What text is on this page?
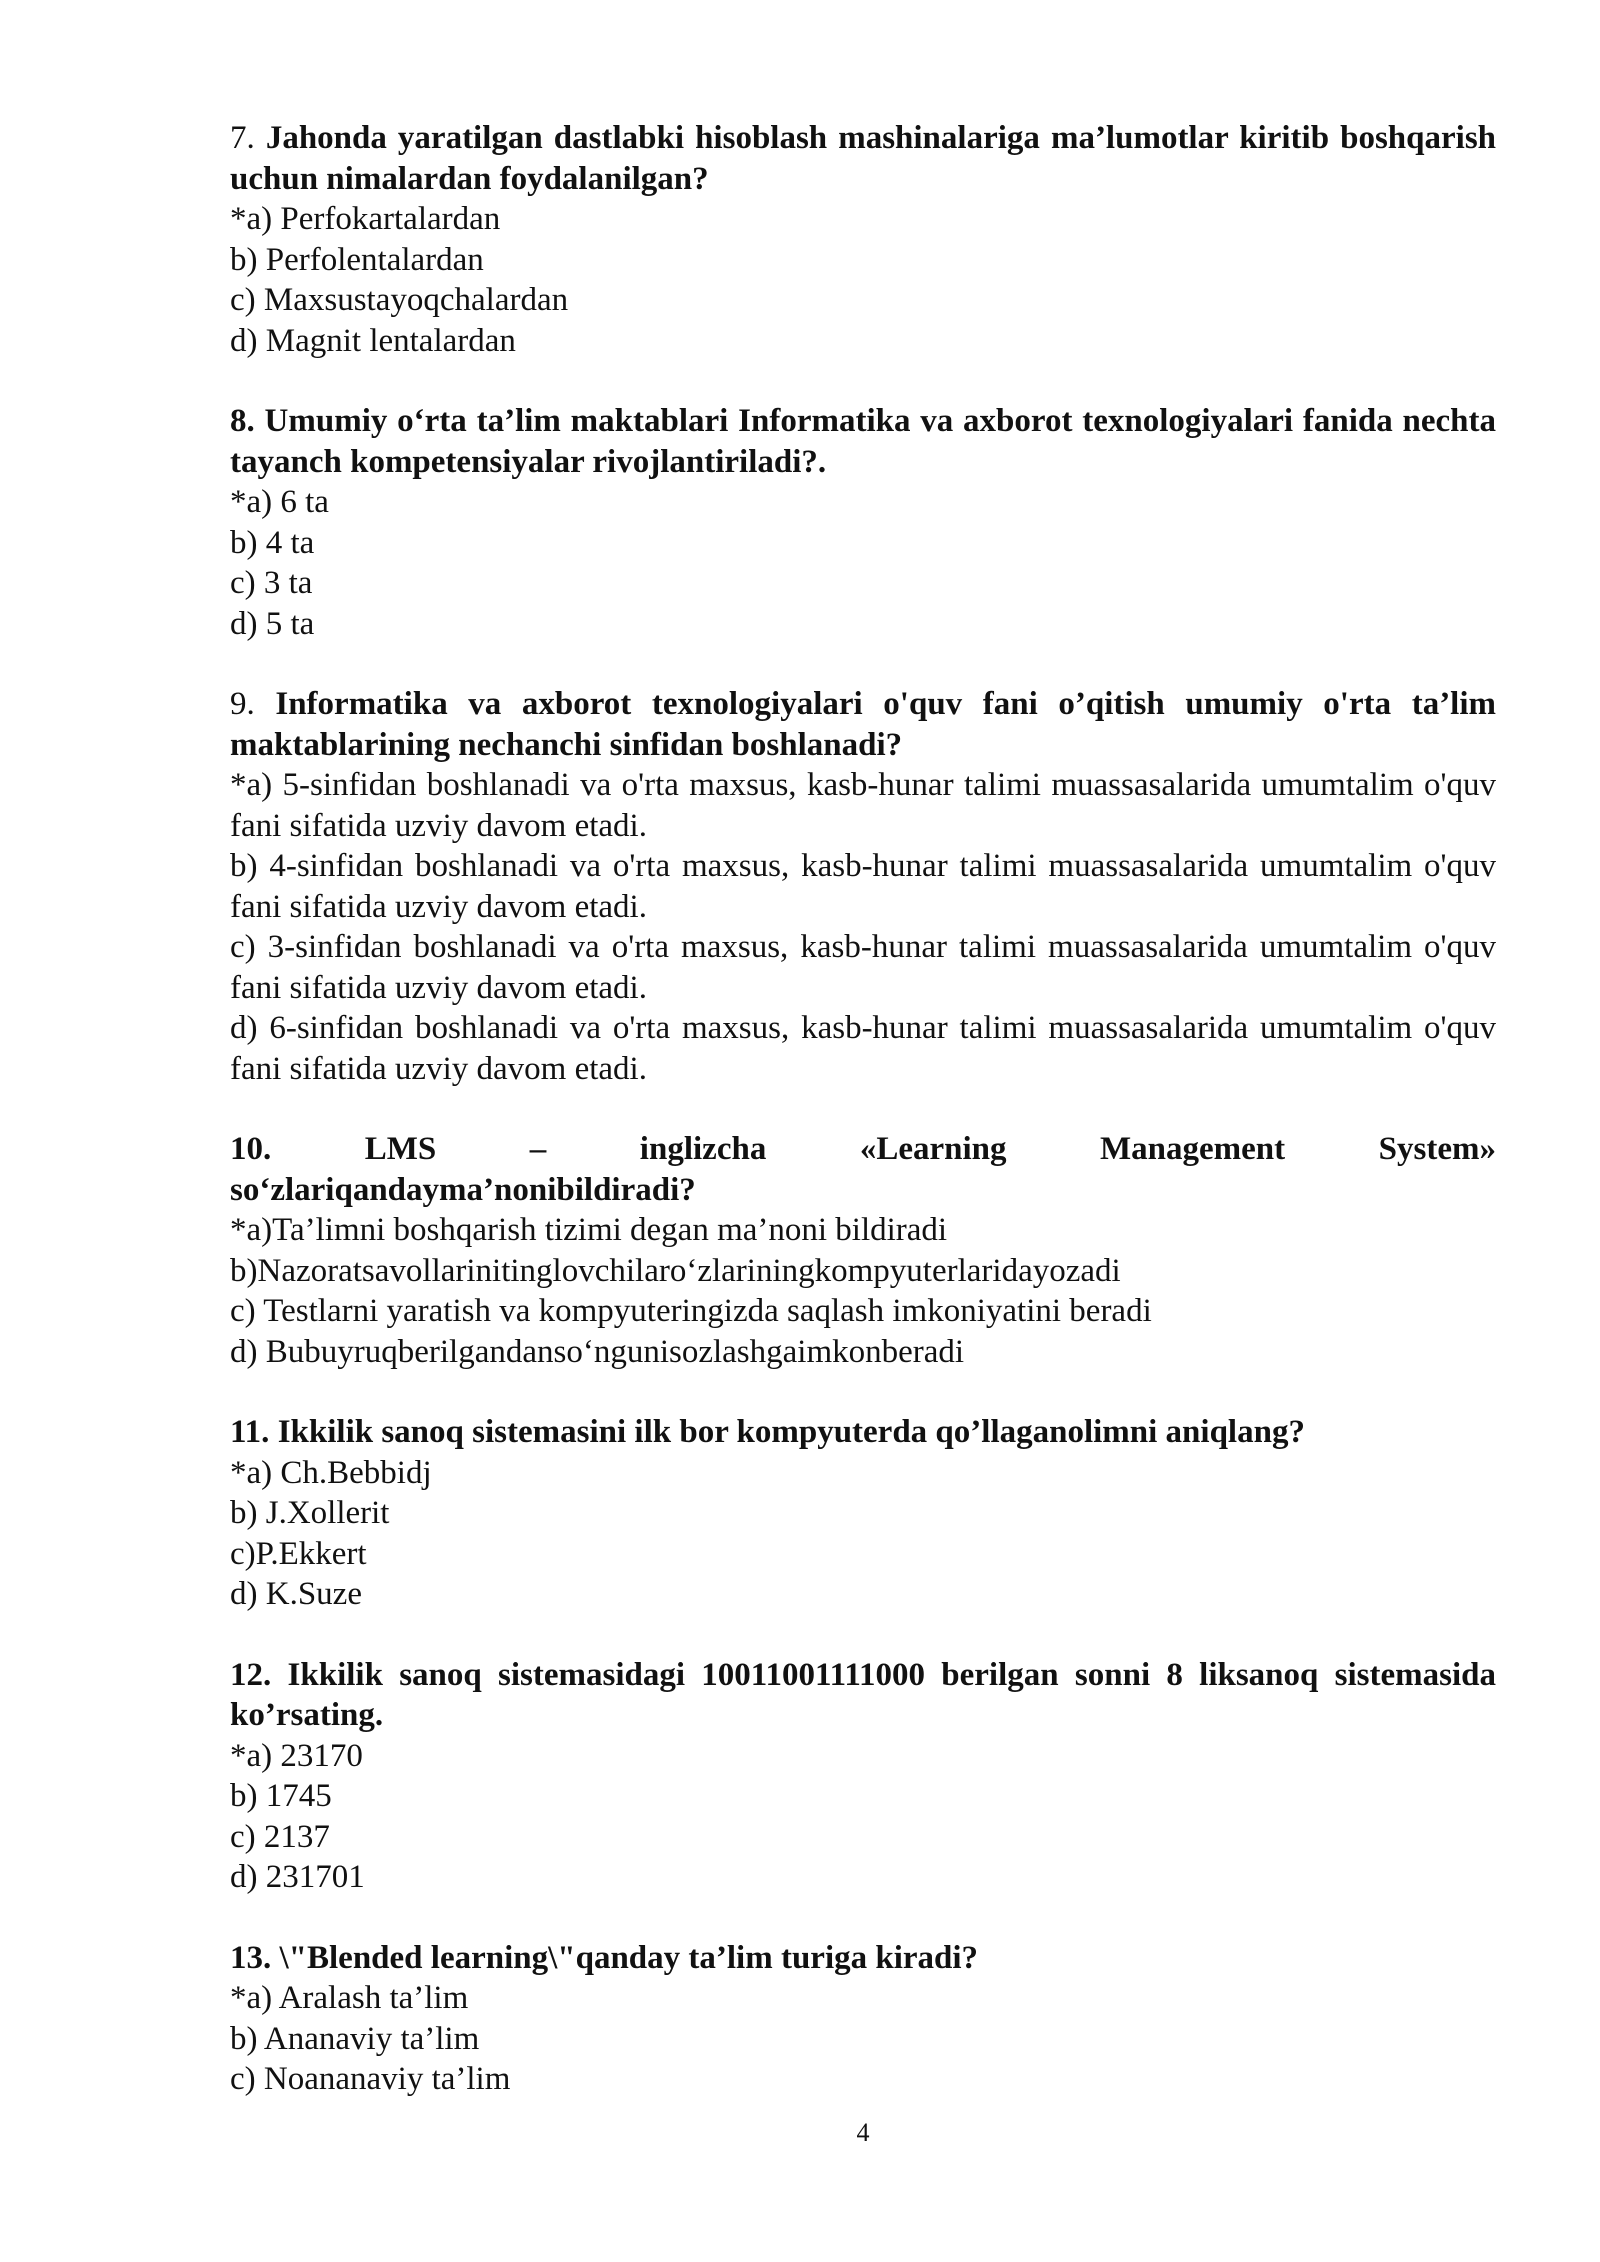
7. Jahonda yaratilgan dastlabki hisoblash mashinalariga ma’lumotlar kiritib boshqarish uchun nimalardan foydalanilgan?

*a) Perfokartalardan

b) Perfolentalardan

c) Maxsustayoqchalardan

d) Magnit lentalardan

8. Umumiy o‘rta ta’lim maktablari Informatika va axborot texnologiyalari fanida nechta tayanch kompetensiyalar rivojlantiriladi?.

*a) 6 ta

b) 4 ta

c) 3 ta

d) 5 ta

9. Informatika va axborot texnologiyalari o'quv fani o’qitish umumiy o'rta ta’lim maktablarining nechanchi sinfidan boshlanadi?

*a) 5-sinfidan boshlanadi va o'rta maxsus, kasb-hunar talimi muassasalarida umumtalim o'quv fani sifatida uzviy davom etadi.

b) 4-sinfidan boshlanadi va o'rta maxsus, kasb-hunar talimi muassasalarida umumtalim o'quv fani sifatida uzviy davom etadi.

c) 3-sinfidan boshlanadi va o'rta maxsus, kasb-hunar talimi muassasalarida umumtalim o'quv fani sifatida uzviy davom etadi.

d) 6-sinfidan boshlanadi va o'rta maxsus, kasb-hunar talimi muassasalarida umumtalim o'quv fani sifatida uzviy davom etadi.

10.	LMS – inglizcha «Learning Management System»

so‘zlariqandayma’nonibildiradi?

*a)Ta’limni boshqarish tizimi degan ma’noni bildiradi

b)Nazoratsavollarinitinglovchilaro‘zlariningkompyuterlaridayozadi

c) Testlarni yaratish va kompyuteringizda saqlash imkoniyatini beradi

d) Bubuyruqberilgandanso‘ngunisozlashgaimkonberadi

11. Ikkilik sanoq sistemasini ilk bor kompyuterda qo’llaganolimni aniqlang?

*a) Ch.Bebbidj

b) J.Xollerit

c)P.Ekkert

d) K.Suze

12. Ikkilik sanoq sistemasidagi 10011001111000 berilgan sonni 8 liksanoq sistemasida ko’rsating.

*a) 23170

b) 1745

c) 2137

d) 231701

13. \"Blended learning\"qanday ta’lim turiga kiradi?

*a) Aralash ta’lim

b) Ananaviy ta’lim

c) Noananaviy ta’lim

4
